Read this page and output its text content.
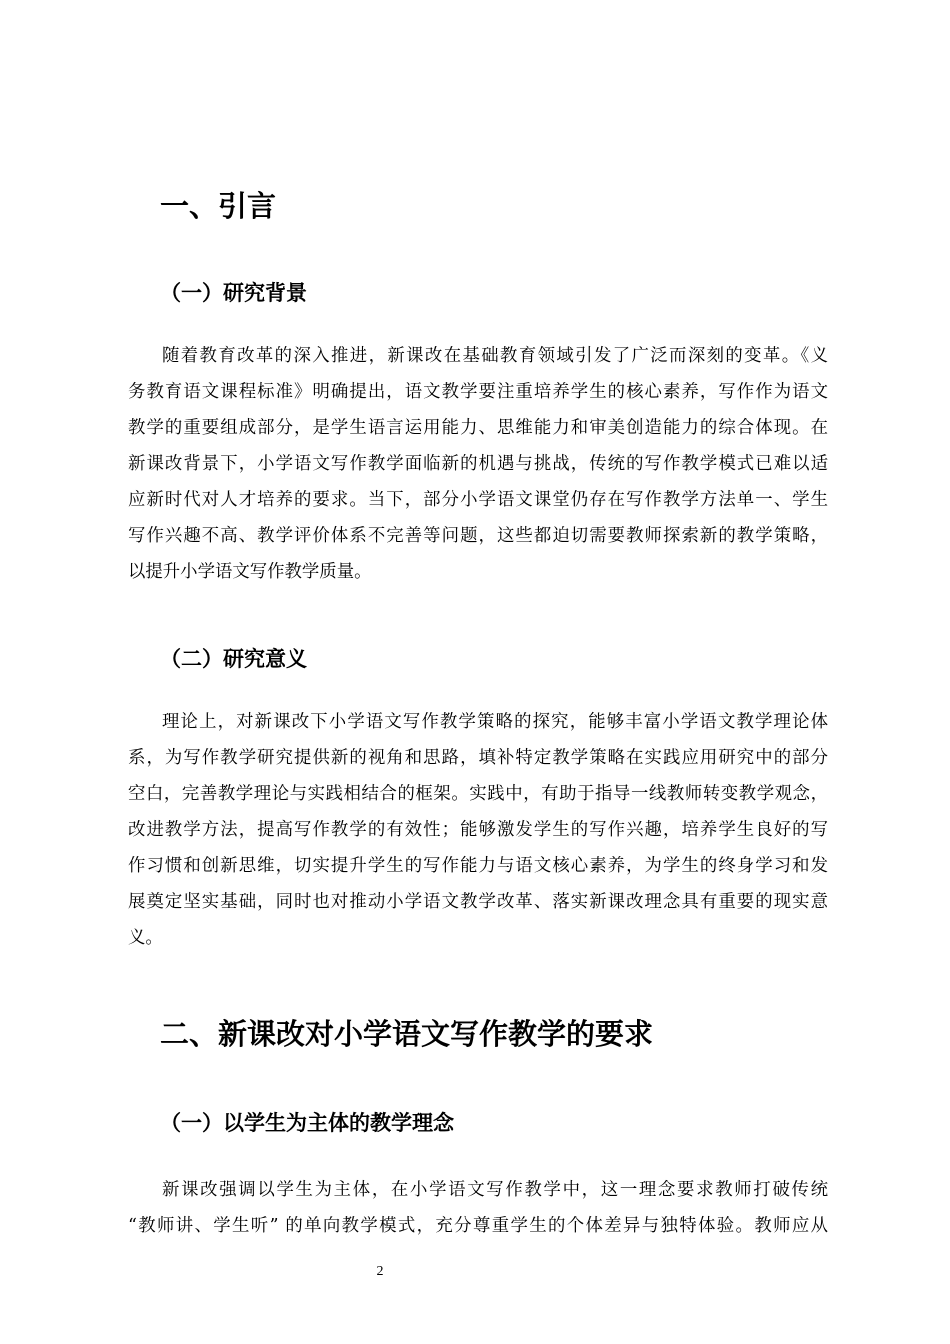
一、引言
（一）研究背景
随着教育改革的深入推进，新课改在基础教育领域引发了广泛而深刻的变革。《义
务教育语文课程标准》明确提出，语文教学要注重培养学生的核心素养，写作作为语文
教学的重要组成部分，是学生语言运用能力、思维能力和审美创造能力的综合体现。在
新课改背景下，小学语文写作教学面临新的机遇与挑战，传统的写作教学模式已难以适
应新时代对人才培养的要求。当下，部分小学语文课堂仍存在写作教学方法单一、学生
写作兴趣不高、教学评价体系不完善等问题，这些都迫切需要教师探索新的教学策略，
以提升小学语文写作教学质量。
（二）研究意义
理论上，对新课改下小学语文写作教学策略的探究，能够丰富小学语文教学理论体
系，为写作教学研究提供新的视角和思路，填补特定教学策略在实践应用研究中的部分
空白，完善教学理论与实践相结合的框架。实践中，有助于指导一线教师转变教学观念，
改进教学方法，提高写作教学的有效性；能够激发学生的写作兴趣，培养学生良好的写
作习惯和创新思维，切实提升学生的写作能力与语文核心素养，为学生的终身学习和发
展奠定坚实基础，同时也对推动小学语文教学改革、落实新课改理念具有重要的现实意
义。
二、新课改对小学语文写作教学的要求
（一）以学生为主体的教学理念
新课改强调以学生为主体，在小学语文写作教学中，这一理念要求教师打破传统
“教师讲、学生听” 的单向教学模式，充分尊重学生的个体差异与独特体验。教师应从
2
